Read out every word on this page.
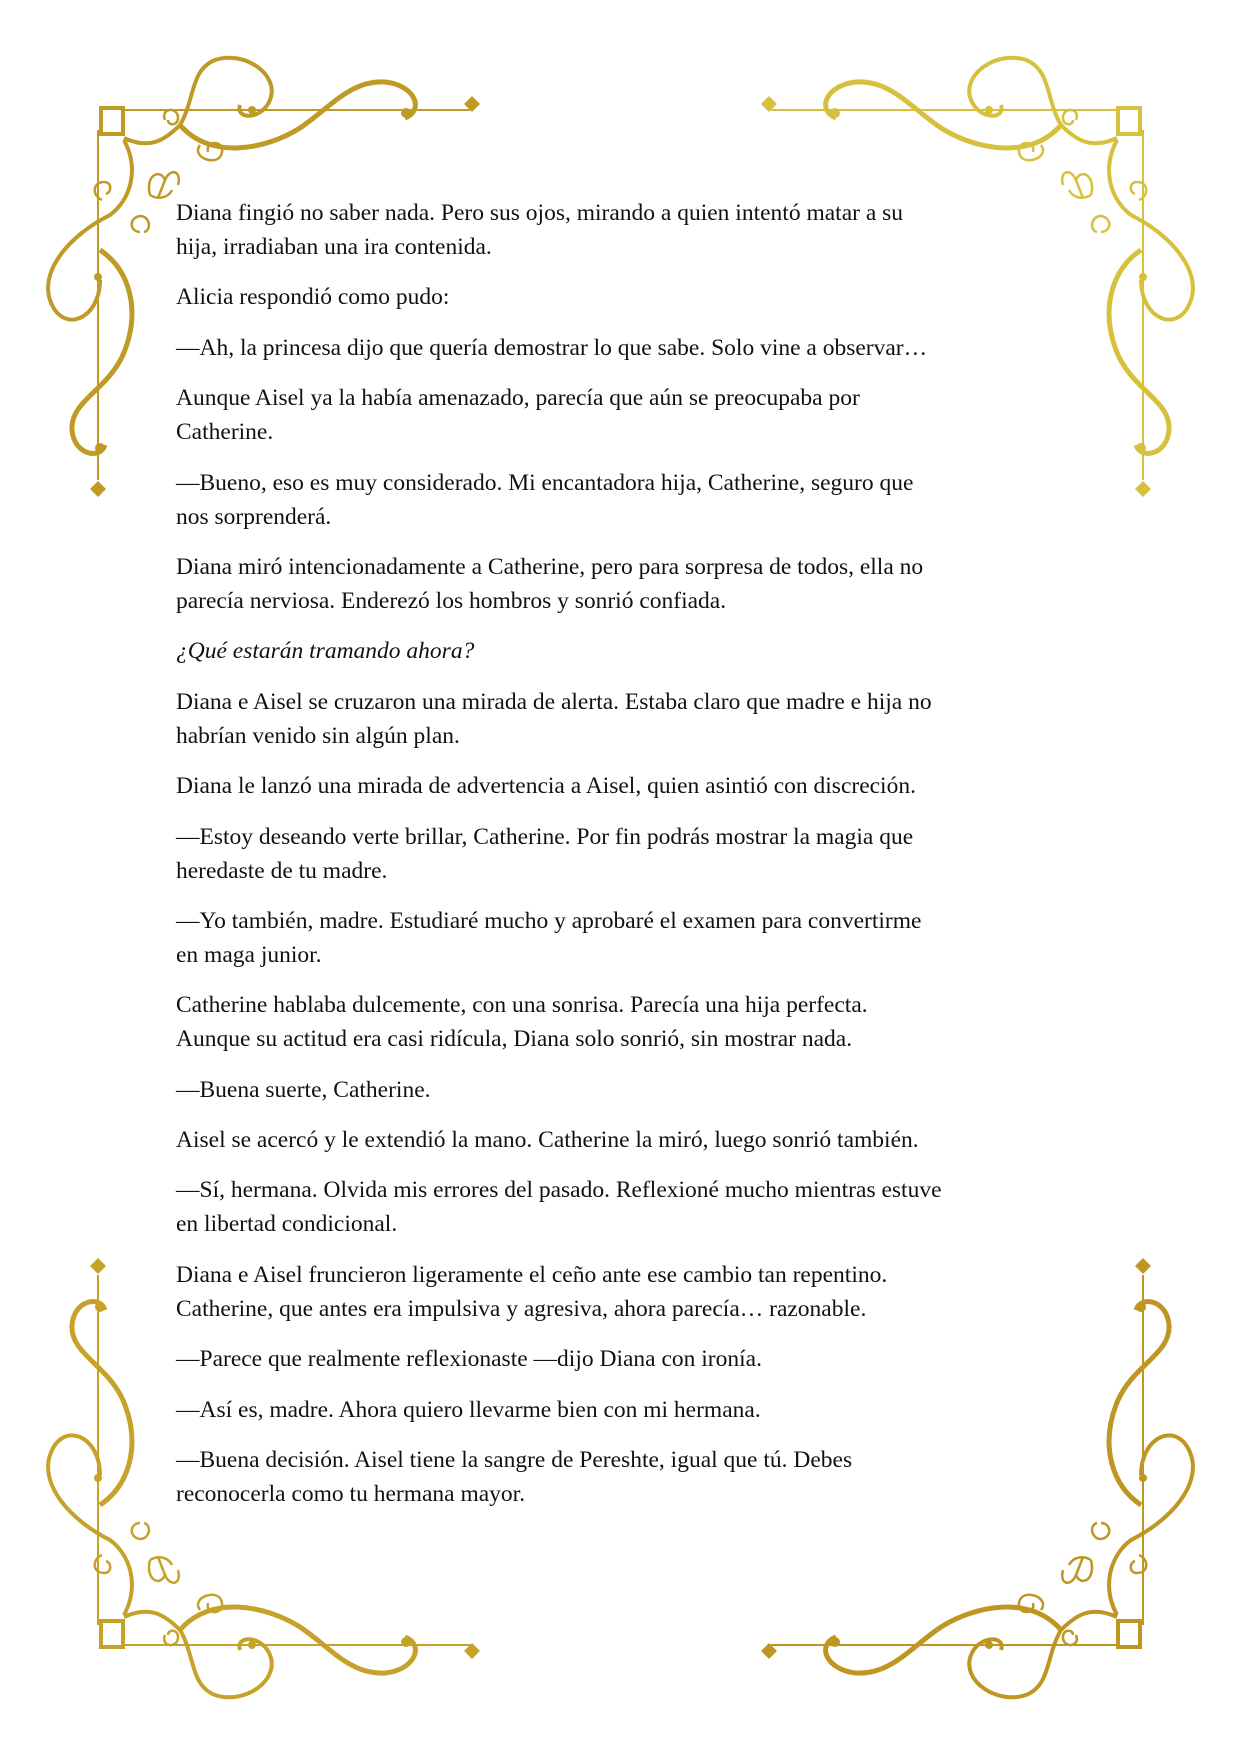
Diana fingió no saber nada. Pero sus ojos, mirando a quien intentó matar a su
hija, irradiaban una ira contenida.

Alicia respondió como pudo:

—Ah, la princesa dijo que quería demostrar lo que sabe. Solo vine a observar…

Aunque Aisel ya la había amenazado, parecía que aún se preocupaba por
Catherine.

—Bueno, eso es muy considerado. Mi encantadora hija, Catherine, seguro que
nos sorprenderá.

Diana miró intencionadamente a Catherine, pero para sorpresa de todos, ella no
parecía nerviosa. Enderezó los hombros y sonrió confiada.

¿Qué estarán tramando ahora?

Diana e Aisel se cruzaron una mirada de alerta. Estaba claro que madre e hija no
habrían venido sin algún plan.

Diana le lanzó una mirada de advertencia a Aisel, quien asintió con discreción.

—Estoy deseando verte brillar, Catherine. Por fin podrás mostrar la magia que
heredaste de tu madre.

—Yo también, madre. Estudiaré mucho y aprobaré el examen para convertirme
en maga junior.

Catherine hablaba dulcemente, con una sonrisa. Parecía una hija perfecta.
Aunque su actitud era casi ridícula, Diana solo sonrió, sin mostrar nada.

—Buena suerte, Catherine.

Aisel se acercó y le extendió la mano. Catherine la miró, luego sonrió también.

—Sí, hermana. Olvida mis errores del pasado. Reflexioné mucho mientras estuve
en libertad condicional.

Diana e Aisel fruncieron ligeramente el ceño ante ese cambio tan repentino.
Catherine, que antes era impulsiva y agresiva, ahora parecía… razonable.

—Parece que realmente reflexionaste —dijo Diana con ironía.

—Así es, madre. Ahora quiero llevarme bien con mi hermana.

—Buena decisión. Aisel tiene la sangre de Pereshte, igual que tú. Debes
reconocerla como tu hermana mayor.
